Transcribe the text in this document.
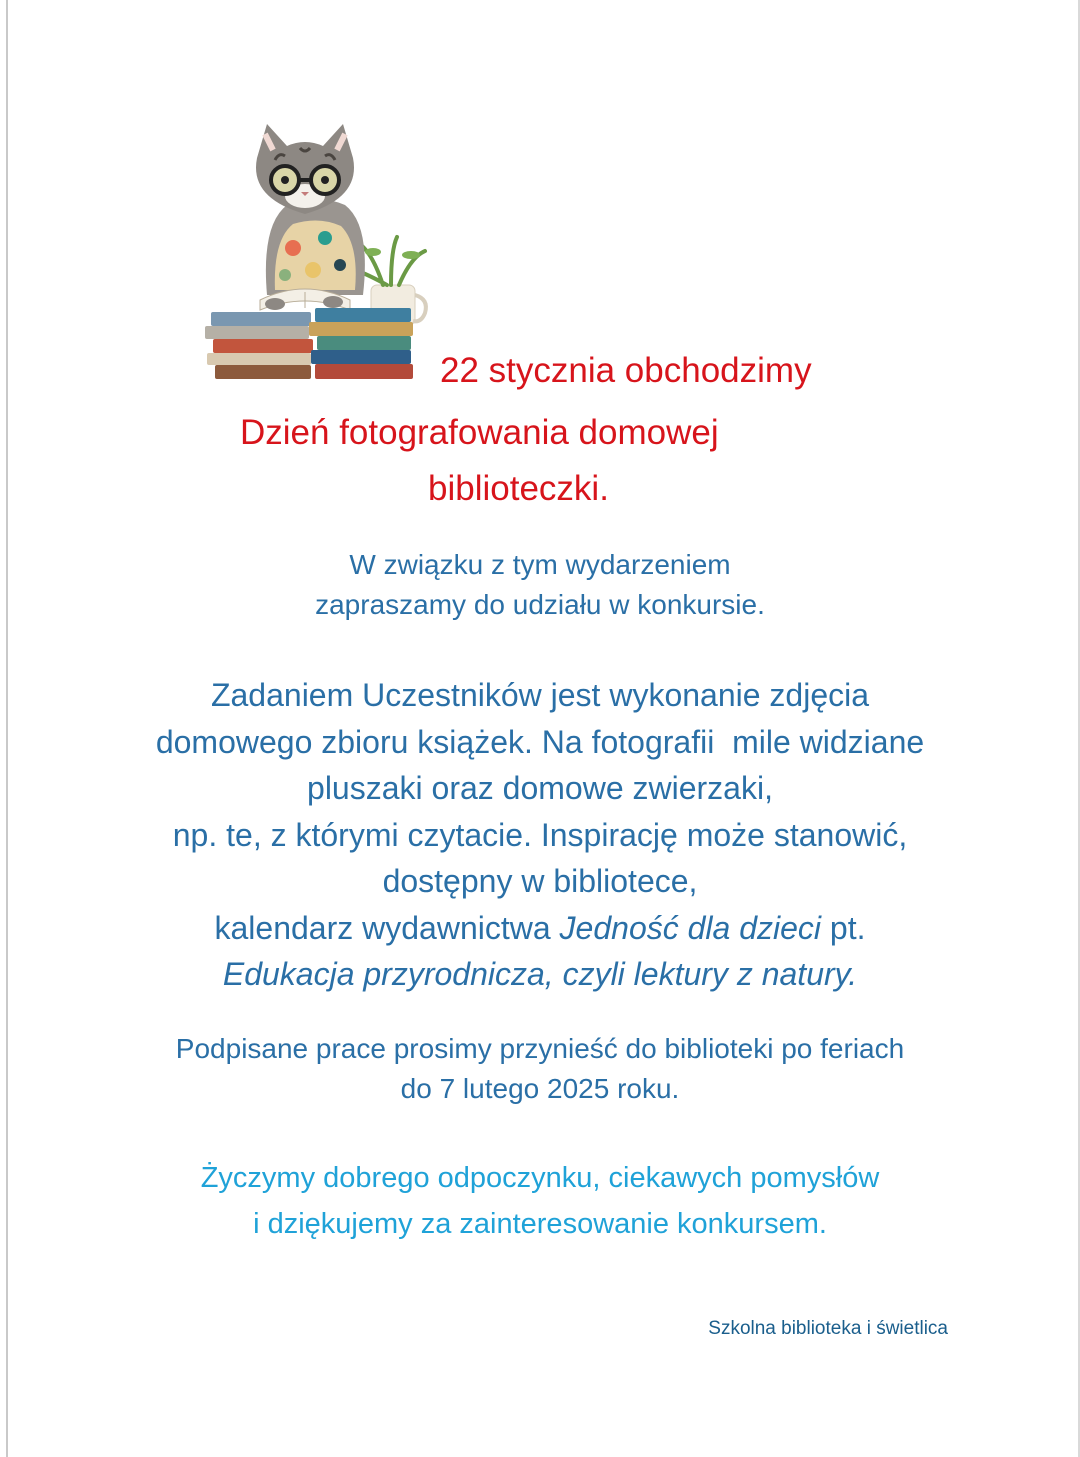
22 stycznia obchodzimy
Dzień fotografowania domowej
biblioteczki.
W związku z tym wydarzeniem
zapraszamy do udziału w konkursie.
Zadaniem Uczestników jest wykonanie zdjęcia
domowego zbioru książek. Na fotografii  mile widziane
pluszaki oraz domowe zwierzaki,
np. te, z którymi czytacie. Inspirację może stanowić,
dostępny w bibliotece,
kalendarz wydawnictwa Jedność dla dzieci pt.
Edukacja przyrodnicza, czyli lektury z natury.
Podpisane prace prosimy przynieść do biblioteki po feriach
do 7 lutego 2025 roku.
Życzymy dobrego odpoczynku, ciekawych pomysłów
i dziękujemy za zainteresowanie konkursem.
Szkolna biblioteka i świetlica
